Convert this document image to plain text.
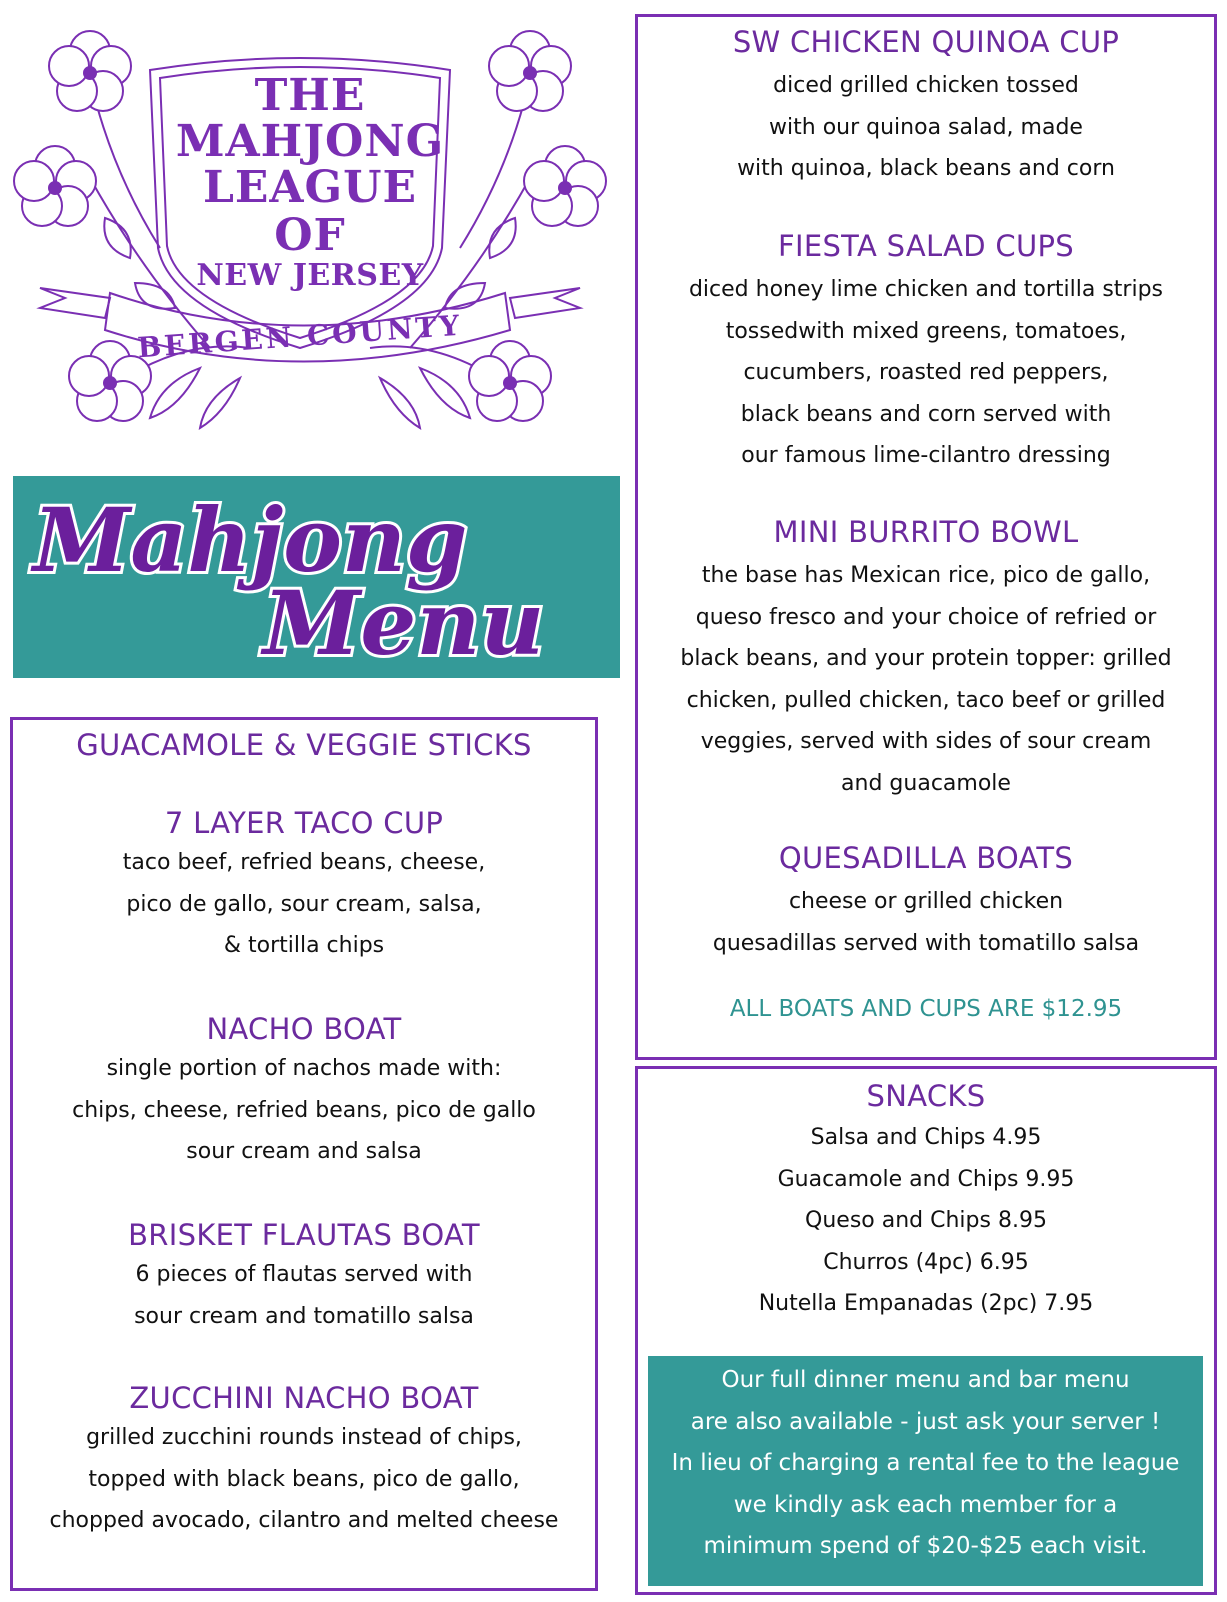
BERGEN COUNTY
THE
MAHJONG
LEAGUE
OF
NEW JERSEY
Mahjong
Menu
GUACAMOLE & VEGGIE STICKS
7 LAYER TACO CUP
taco beef, refried beans, cheese,
pico de gallo, sour cream, salsa,
& tortilla chips
NACHO BOAT
single portion of nachos made with:
chips, cheese, refried beans, pico de gallo
sour cream and salsa
BRISKET FLAUTAS BOAT
6 pieces of flautas served with
sour cream and tomatillo salsa
ZUCCHINI NACHO BOAT
grilled zucchini rounds instead of chips,
topped with black beans, pico de gallo,
chopped avocado, cilantro and melted cheese
SW CHICKEN QUINOA CUP
diced grilled chicken tossed
with our quinoa salad, made
with quinoa, black beans and corn
FIESTA SALAD CUPS
diced honey lime chicken and tortilla strips
tossedwith mixed greens, tomatoes,
cucumbers, roasted red peppers,
black beans and corn served with
our famous lime-cilantro dressing
MINI BURRITO BOWL
the base has Mexican rice, pico de gallo,
queso fresco and your choice of refried or
black beans, and your protein topper: grilled
chicken, pulled chicken, taco beef or grilled
veggies, served with sides of sour cream
and guacamole
QUESADILLA BOATS
cheese or grilled chicken
quesadillas served with tomatillo salsa
ALL BOATS AND CUPS ARE $12.95
SNACKS
Salsa and Chips 4.95
Guacamole and Chips 9.95
Queso and Chips 8.95
Churros (4pc) 6.95
Nutella Empanadas (2pc) 7.95
Our full dinner menu and bar menu
are also available - just ask your server !
In lieu of charging a rental fee to the league
we kindly ask each member for a
minimum spend of $20-$25 each visit.
